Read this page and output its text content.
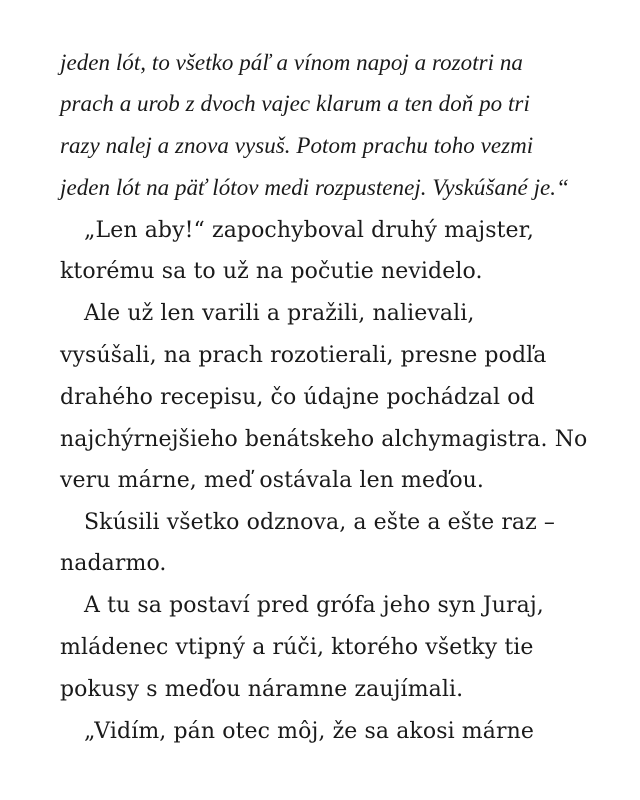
jeden lót, to všetko páľ a vínom napoj a rozotri na
prach a urob z dvoch vajec klarum a ten doň po tri
razy nalej a znova vysuš. Potom prachu toho vezmi
jeden lót na päť lótov medi rozpustenej. Vyskúšané je.“
„Len aby!“ zapochyboval druhý majster,
ktorému sa to už na počutie nevidelo.
Ale už len varili a pražili, nalievali,
vysúšali, na prach rozotierali, presne podľa
drahého recepisu, čo údajne pochádzal od
najchýrnejšieho benátskeho alchymagistra. No
veru márne, meď ostávala len meďou.
Skúsili všetko odznova, a ešte a ešte raz –
nadarmo.
A tu sa postaví pred grófa jeho syn Juraj,
mládenec vtipný a rúči, ktorého všetky tie
pokusy s meďou náramne zaujímali.
„Vidím, pán otec môj, že sa akosi márne
